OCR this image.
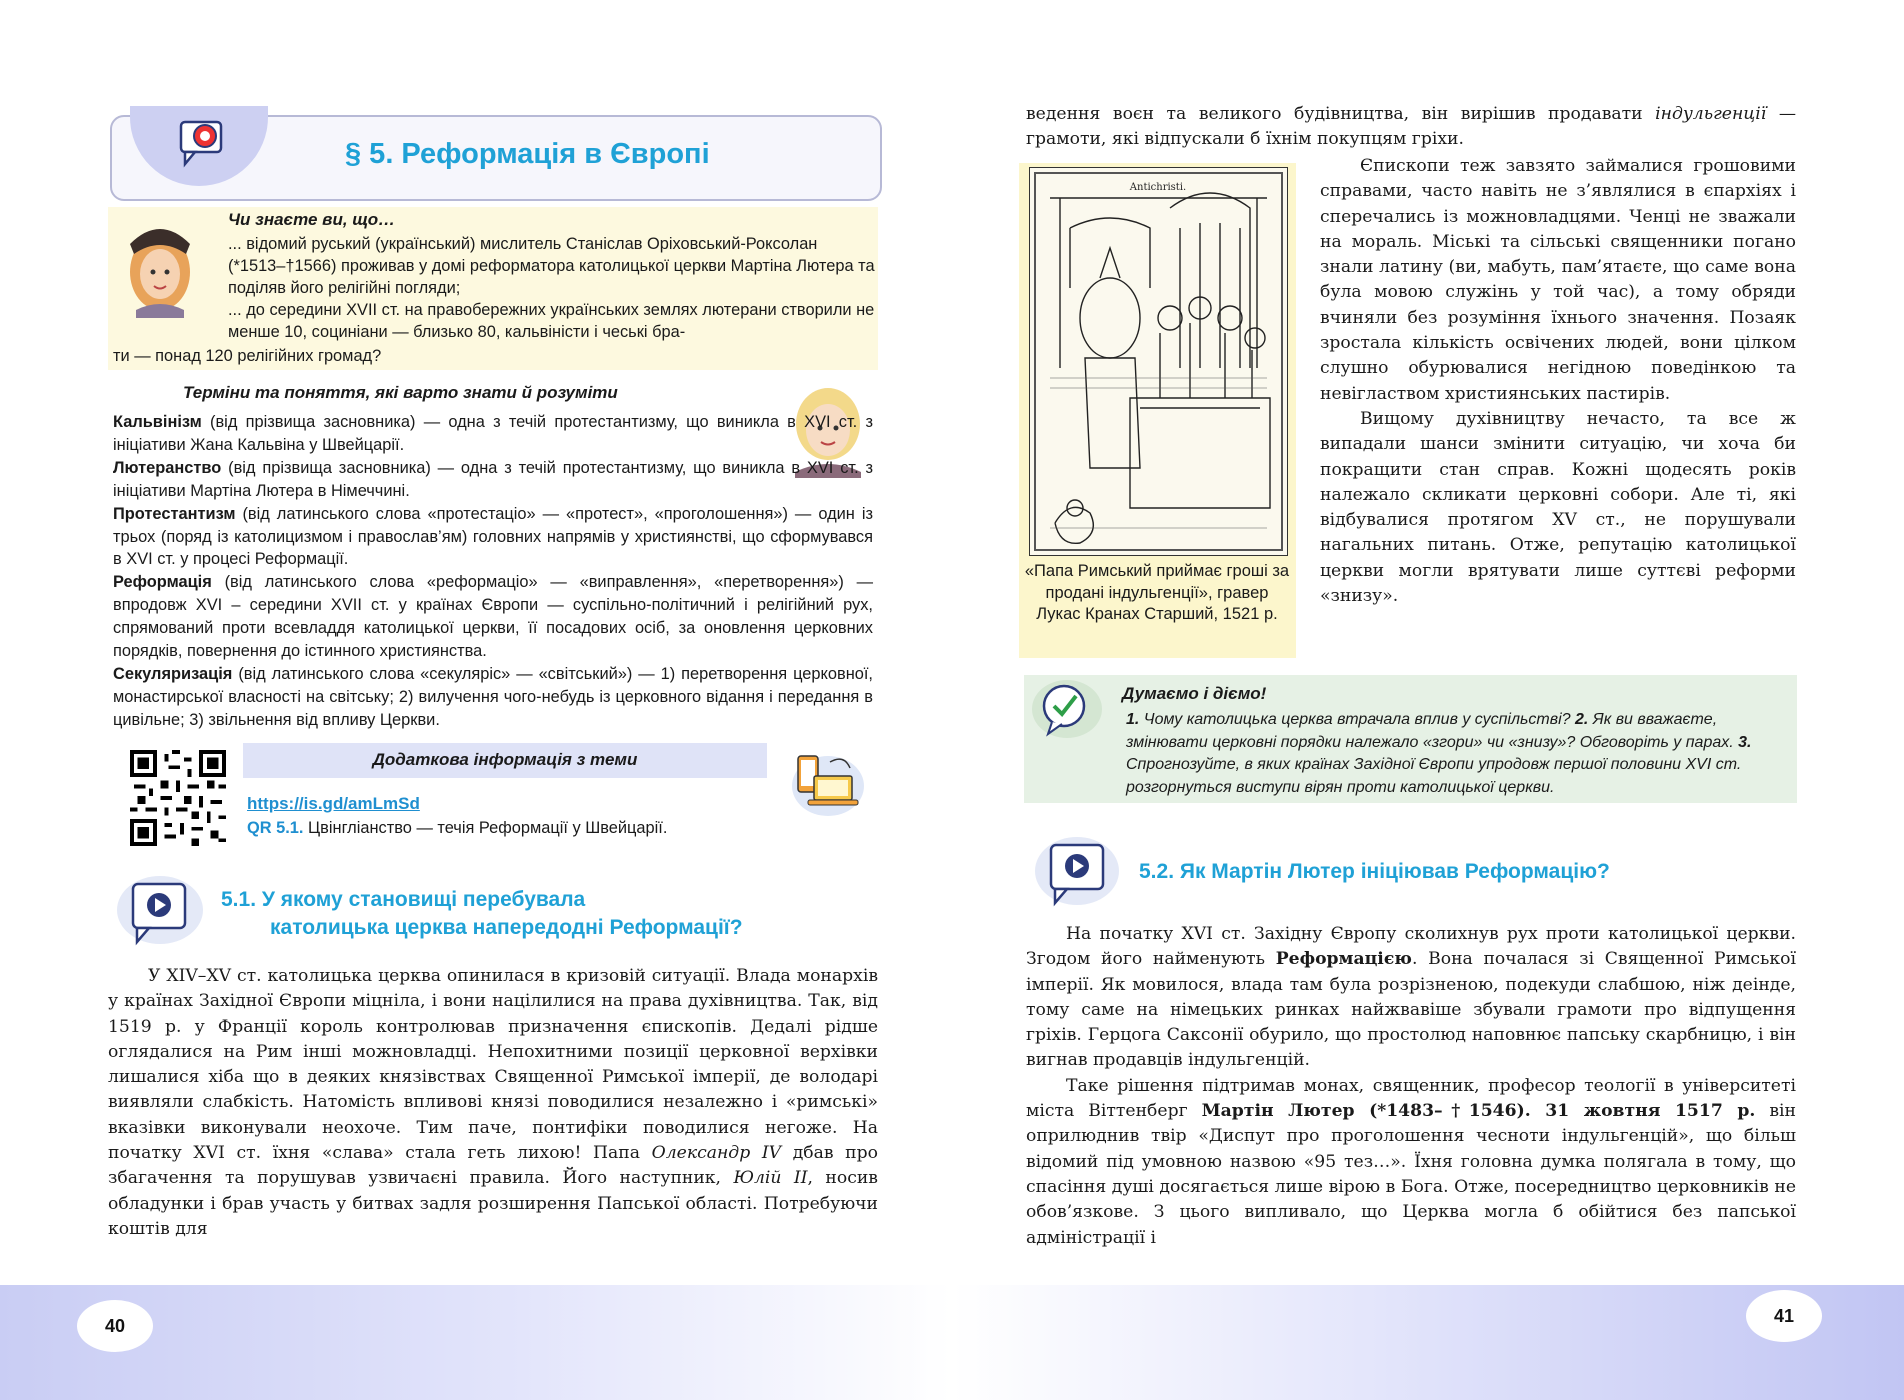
40
§ 5. Реформація в Європі
Чи знаєте ви, що…
... відомий руський (український) мислитель Станіслав Оріховський-Роксолан (*1513–†1566) проживав у домі реформатора католицької церкви Мартіна Лютера та поділяв його релігійні погляди;
... до середини XVII ст. на правобережних українських землях лютерани створили не менше 10, социніани — близько 80, кальвіністи і чеські бра-
ти — понад 120 релігійних громад?
Терміни та поняття, які варто знати й розуміти

Кальвінізм (від прізвища засновника) — одна з течій протестантизму, що виникла в XVI ст. з ініціативи Жана Кальвіна у Швейцарії.

Лютеранство (від прізвища засновника) — одна з течій протестантизму, що виникла в XVI ст. з ініціативи Мартіна Лютера в Німеччині.

Протестантизм (від латинського слова «протестаціо» — «протест», «проголошення») — один із трьох (поряд із католицизмом і православ’ям) головних напрямів у християнстві, що сформувався в XVI ст. у процесі Реформації.

Реформація (від латинського слова «реформаціо» — «виправлення», «перетворення») — впродовж XVI – середини XVII ст. у країнах Європи — суспільно-політичний і релігійний рух, спрямований проти всевладдя католицької церкви, її посадових осіб, за оновлення церковних порядків, повернення до істинного християнства.

Секуляризація (від латинського слова «секуляріс» — «світський») — 1) перетворення церковної, монастирської власності на світську; 2) вилучення чого-небудь із церковного відання і передання в цивільне; 3) звільнення від впливу Церкви.

Додаткова інформація з теми
https://is.gd/amLmSd
QR 5.1. Цвінгліанство — течія Реформації у Швейцарії.
5.1. У якому становищі перебувала
католицька церква напередодні Реформації?

У XIV–XV ст. католицька церква опинилася в кризовій ситуації. Влада монархів у країнах Західної Європи міцніла, і вони націлилися на права духівництва. Так, від 1519 р. у Франції король контролював призначення єпископів. Дедалі рідше оглядалися на Рим інші можновладці. Непохитними позиції церковної верхівки лишалися хіба що в деяких князівствах Священної Римської імперії, де володарі виявляли слабкість. Натомість впливові князі поводилися незалежно і «римські» вказівки виконували неохоче. Тим паче, понтифіки поводилися негоже. На початку XVI ст. їхня «слава» стала геть лихою! Папа Олександр IV дбав про збагачення та порушував узвичаєні правила. Його наступник, Юлій II, носив обладунки і брав участь у битвах задля розширення Папської області. Потребуючи коштів для

41

ведення воєн та великого будівництва, він вирішив продавати індульгенції — грамоти, які відпускали б їхнім покупцям гріхи.

Antichristi.
«Папа Римський приймає гроші за продані індульгенції», гравер Лукас Кранах Старший, 1521 р.

Єпископи теж завзято займалися грошовими справами, часто навіть не з’являлися в єпархіях і сперечались із можновладцями. Ченці не зважали на мораль. Міські та сільські священники погано знали латину (ви, мабуть, пам’ятаєте, що саме вона була мовою служінь у той час), а тому обряди вчиняли без розуміння їхнього значення. Позаяк зростала кількість освічених людей, вони цілком слушно обурювалися негідною поведінкою та невіглаством християнських пастирів.

Вищому духівництву нечасто, та все ж випадали шанси змінити ситуацію, чи хоча би покращити стан справ. Кожні щодесять років належало скликати церковні собори. Але ті, які відбувалися протягом XV ст., не порушували нагальних питань. Отже, репутацію католицької церкви могли врятувати лише суттєві реформи «знизу».

Думаємо і діємо!
1. Чому католицька церква втрачала вплив у суспільстві? 2. Як ви вважаєте, змінювати церковні порядки належало «згори» чи «знизу»? Обговоріть у парах. 3. Спрогнозуйте, в яких країнах Західної Європи упродовж першої половини XVI ст. розгорнуться виступи вірян проти католицької церкви.
5.2. Як Мартін Лютер ініціював Реформацію?

На початку XVI ст. Західну Європу сколихнув рух проти католицької церкви. Згодом його найменують Реформацією. Вона почалася зі Священної Римської імперії. Як мовилося, влада там була розрізненою, подекуди слабшою, ніж деінде, тому саме на німецьких ринках найжвавіше збували грамоти про відпущення гріхів. Герцога Саксонії обурило, що простолюд наповнює папську скарбницю, і він вигнав продавців індульгенцій.

Таке рішення підтримав монах, священник, професор теології в університеті міста Віттенберг Мартін Лютер (*1483–†1546). 31 жовтня 1517 р. він оприлюднив твір «Диспут про проголошення чесноти індульгенцій», що більш відомий під умовною назвою «95 тез…». Їхня головна думка полягала в тому, що спасіння душі досягається лише вірою в Бога. Отже, посередництво церковників не обов’язкове. З цього випливало, що Церква могла б обійтися без папської адміністрації і
